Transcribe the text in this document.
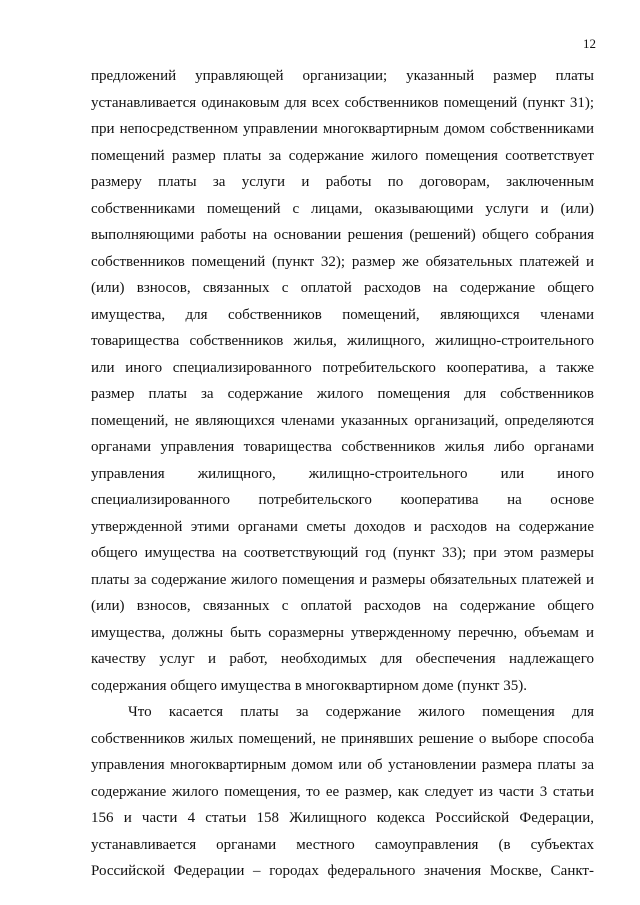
12
предложений управляющей организации; указанный размер платы
устанавливается одинаковым для всех собственников помещений (пункт 31);
при непосредственном управлении многоквартирным домом собственниками
помещений размер платы за содержание жилого помещения соответствует
размеру платы за услуги и работы по договорам, заключенным
собственниками помещений с лицами, оказывающими услуги и (или)
выполняющими работы на основании решения (решений) общего собрания
собственников помещений (пункт 32); размер же обязательных платежей и
(или) взносов, связанных с оплатой расходов на содержание общего
имущества, для собственников помещений, являющихся членами
товарищества собственников жилья, жилищного, жилищно-строительного
или иного специализированного потребительского кооператива, а также
размер платы за содержание жилого помещения для собственников
помещений, не являющихся членами указанных организаций, определяются
органами управления товарищества собственников жилья либо органами
управления жилищного, жилищно-строительного или иного
специализированного потребительского кооператива на основе
утвержденной этими органами сметы доходов и расходов на содержание
общего имущества на соответствующий год (пункт 33); при этом размеры
платы за содержание жилого помещения и размеры обязательных платежей и
(или) взносов, связанных с оплатой расходов на содержание общего
имущества, должны быть соразмерны утвержденному перечню, объемам и
качеству услуг и работ, необходимых для обеспечения надлежащего
содержания общего имущества в многоквартирном доме (пункт 35).
Что касается платы за содержание жилого помещения для
собственников жилых помещений, не принявших решение о выборе способа
управления многоквартирным домом или об установлении размера платы за
содержание жилого помещения, то ее размер, как следует из части 3 статьи
156 и части 4 статьи 158 Жилищного кодекса Российской Федерации,
устанавливается органами местного самоуправления (в субъектах
Российской Федерации – городах федерального значения Москве, Санкт-
